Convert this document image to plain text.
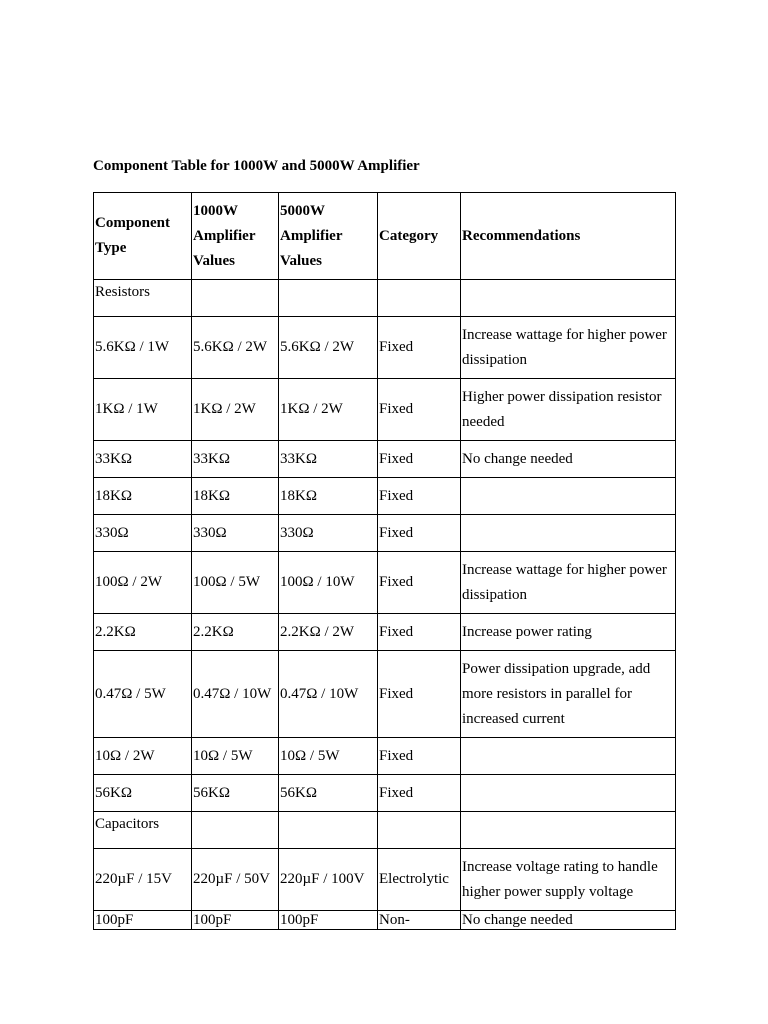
Component Table for 1000W and 5000W Amplifier
Component Type	1000W Amplifier Values	5000W Amplifier Values	Category	Recommendations
Resistors				
5.6KΩ / 1W	5.6KΩ / 2W	5.6KΩ / 2W	Fixed	Increase wattage for higher power dissipation
1KΩ / 1W	1KΩ / 2W	1KΩ / 2W	Fixed	Higher power dissipation resistor needed
33KΩ	33KΩ	33KΩ	Fixed	No change needed
18KΩ	18KΩ	18KΩ	Fixed	
330Ω	330Ω	330Ω	Fixed	
100Ω / 2W	100Ω / 5W	100Ω / 10W	Fixed	Increase wattage for higher power dissipation
2.2KΩ	2.2KΩ	2.2KΩ / 2W	Fixed	Increase power rating
0.47Ω / 5W	0.47Ω / 10W	0.47Ω / 10W	Fixed	Power dissipation upgrade, add more resistors in parallel for increased current
10Ω / 2W	10Ω / 5W	10Ω / 5W	Fixed	
56KΩ	56KΩ	56KΩ	Fixed	
Capacitors				
220µF / 15V	220µF / 50V	220µF / 100V	Electrolytic	Increase voltage rating to handle higher power supply voltage
100pF	100pF	100pF	Non-	No change needed
